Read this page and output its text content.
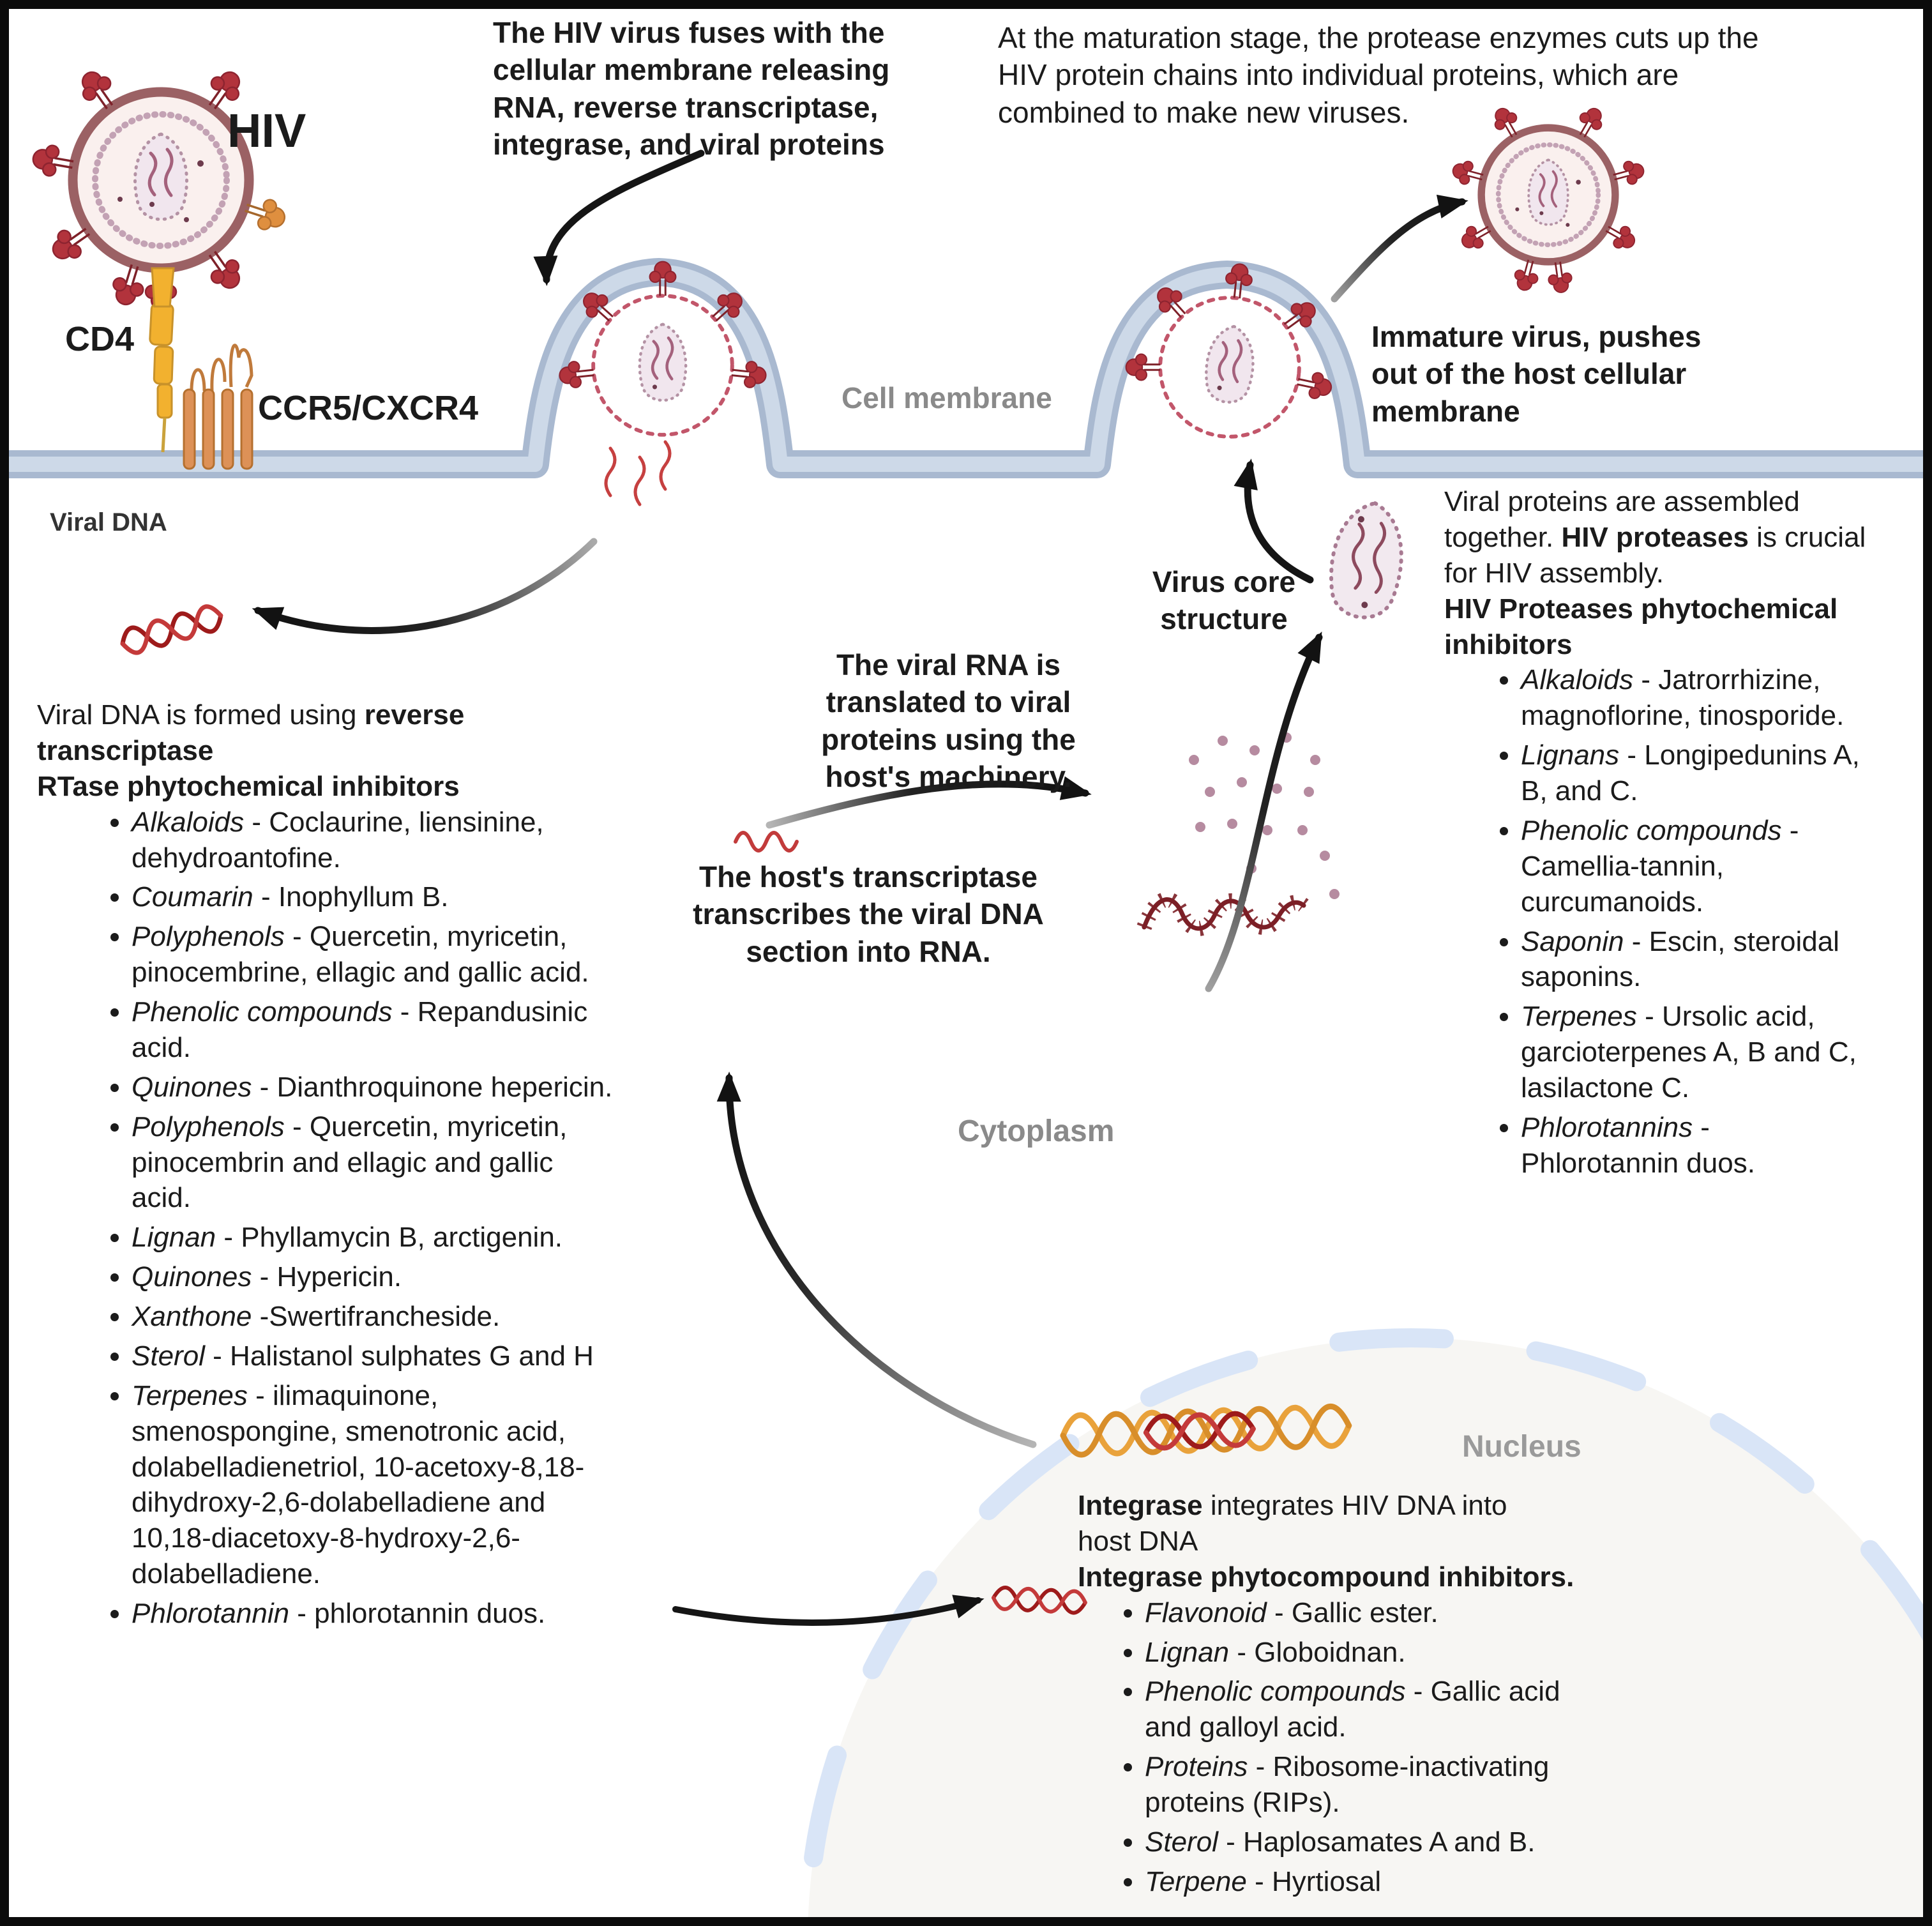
HIV
CD4
CCR5/CXCR4
Viral DNA
Cell membrane
Cytoplasm
Nucleus
The HIV virus fuses with the cellular membrane releasing RNA, reverse transcriptase, integrase, and viral proteins
At the maturation stage, the protease enzymes cuts up the HIV protein chains into individual proteins, which are combined to make new viruses.
Immature virus, pushes out of the host cellular membrane
The viral RNA is translated to viral proteins using the host's machinery.
The host's transcriptase transcribes the viral DNA section into RNA.
Virus core structure
Viral DNA is formed using reverse transcriptase
RTase phytochemical inhibitors
• Alkaloids - Coclaurine, liensinine, dehydroantofine.
• Coumarin - Inophyllum B.
• Polyphenols - Quercetin, myricetin, pinocembrine, ellagic and gallic acid.
• Phenolic compounds - Repandusinic acid.
• Quinones - Dianthroquinone hepericin.
• Polyphenols - Quercetin, myricetin, pinocembrin and ellagic and gallic acid.
• Lignan - Phyllamycin B, arctigenin.
• Quinones - Hypericin.
• Xanthone -Swertifrancheside.
• Sterol - Halistanol sulphates G and H
• Terpenes - ilimaquinone, smenospongine, smenotronic acid, dolabelladienetriol, 10-acetoxy-8,18-dihydroxy-2,6-dolabelladiene and 10,18-diacetoxy-8-hydroxy-2,6-dolabelladiene.
• Phlorotannin - phlorotannin duos.
Viral proteins are assembled together. HIV proteases is crucial for HIV assembly.
HIV Proteases phytochemical inhibitors
• Alkaloids - Jatrorrhizine, magnoflorine, tinosporide.
• Lignans - Longipedunins A, B, and C.
• Phenolic compounds - Camellia-tannin, curcumanoids.
• Saponin - Escin, steroidal saponins.
• Terpenes - Ursolic acid, garcioterpenes A, B and C, lasilactone C.
• Phlorotannins - Phlorotannin duos.
Integrase integrates HIV DNA into
host DNA
Integrase phytocompound inhibitors.
• Flavonoid - Gallic ester.
• Lignan - Globoidnan.
• Phenolic compounds - Gallic acid and galloyl acid.
• Proteins - Ribosome-inactivating proteins (RIPs).
• Sterol - Haplosamates A and B.
• Terpene - Hyrtiosal
